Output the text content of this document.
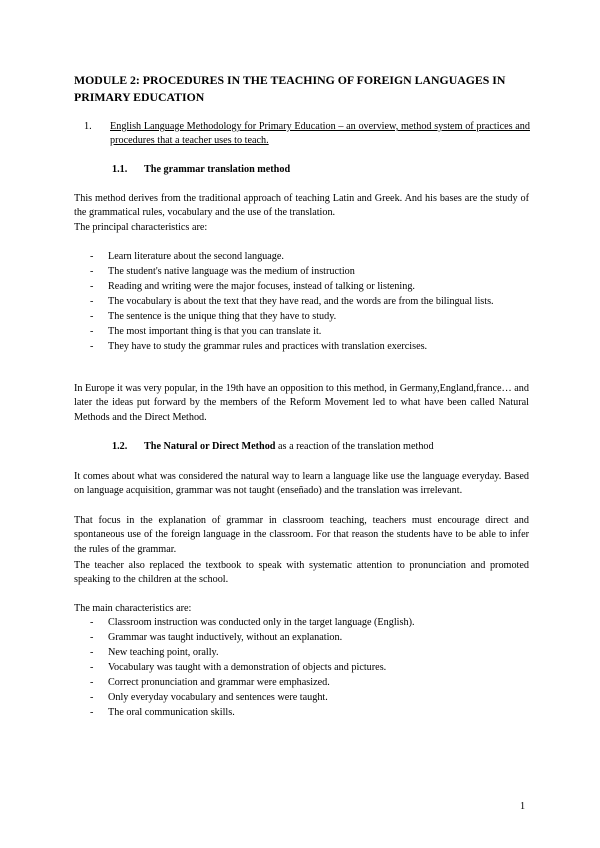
MODULE 2: PROCEDURES IN THE TEACHING OF FOREIGN LANGUAGES IN PRIMARY EDUCATION
1. English Language Methodology for Primary Education – an overview, method system of practices and procedures that a teacher uses to teach.
1.1. The grammar translation method

This method derives from the traditional approach of teaching Latin and Greek. And his bases are the study of the grammatical rules, vocabulary and the use of the translation.

The principal characteristics are:

- Learn literature about the second language.
- The student's native language was the medium of instruction
- Reading and writing were the major focuses, instead of talking or listening.
- The vocabulary is about the text that they have read, and the words are from the bilingual lists.
- The sentence is the unique thing that they have to study.
- The most important thing is that you can translate it.
- They have to study the grammar rules and practices with translation exercises.

In Europe it was very popular, in the 19th have an opposition to this method, in Germany,England,france… and later the ideas put forward by the members of the Reform Movement led to what have been called Natural Methods and the Direct Method.

1.2. The Natural or Direct Method as a reaction of the translation method

It comes about what was considered the natural way to learn a language like use the language everyday. Based on language acquisition, grammar was not taught (enseñado) and the translation was irrelevant.

That focus in the explanation of grammar in classroom teaching, teachers must encourage direct and spontaneous use of the foreign language in the classroom. For that reason the students have to be able to infer the rules of the grammar.

The teacher also replaced the textbook to speak with systematic attention to pronunciation and promoted speaking to the children at the school.

The main characteristics are:

- Classroom instruction was conducted only in the target language (English).
- Grammar was taught inductively, without an explanation.
- New teaching point, orally.
- Vocabulary was taught with a demonstration of objects and pictures.
- Correct pronunciation and grammar were emphasized.
- Only everyday vocabulary and sentences were taught.
- The oral communication skills.
1
